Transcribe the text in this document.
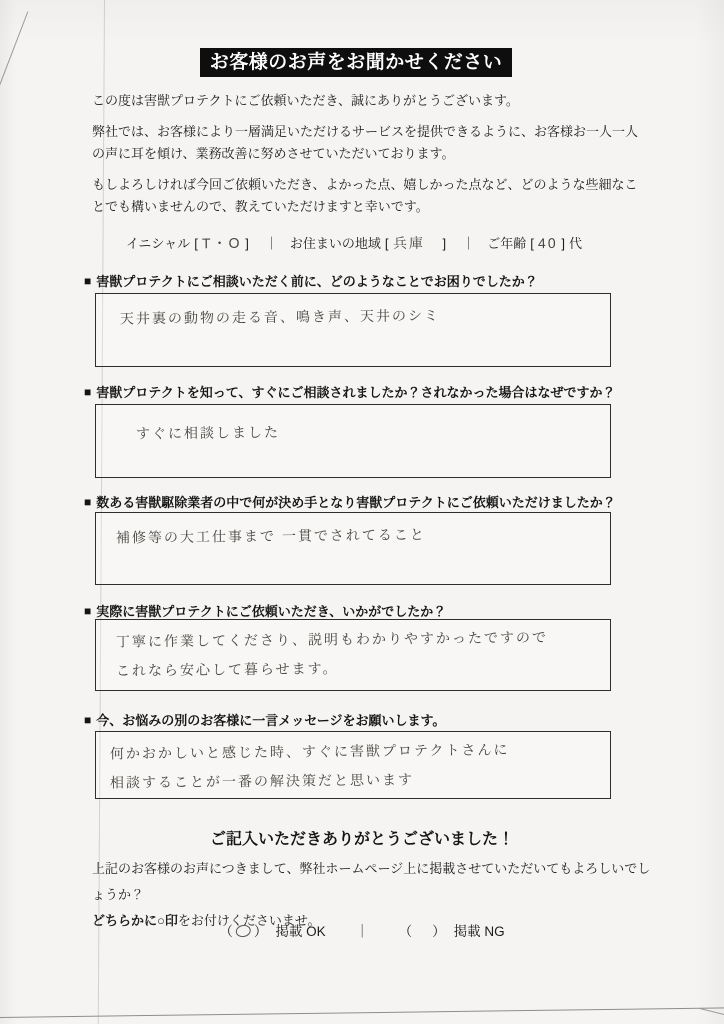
お客様のお声をお聞かせください

この度は害獣プロテクトにご依頼いただき、誠にありがとうございます。

弊社では、お客様により一層満足いただけるサービスを提供できるように、お客様お一人一人の声に耳を傾け、業務改善に努めさせていただいております。

もしよろしければ今回ご依頼いただき、よかった点、嬉しかった点など、どのような些細なことでも構いませんので、教えていただけますと幸いです。

イニシャル [ T・O ] ｜ お住まいの地域 [ 兵庫 ] ｜ ご年齢 [ 40 ] 代
■ 害獣プロテクトにご相談いただく前に、どのようなことでお困りでしたか？
天井裏の動物の走る音、鳴き声、天井のシミ
■ 害獣プロテクトを知って、すぐにご相談されましたか？されなかった場合はなぜですか？
すぐに相談しました
■ 数ある害獣駆除業者の中で何が決め手となり害獣プロテクトにご依頼いただけましたか？
補修等の大工仕事まで 一貫でされてること
■ 実際に害獣プロテクトにご依頼いただき、いかがでしたか？
丁寧に作業してくださり、説明もわかりやすかったですので
これなら安心して暮らせます。
■ 今、お悩みの別のお客様に一言メッセージをお願いします。
何かおかしいと感じた時、すぐに害獣プロテクトさんに
相談することが一番の解決策だと思います
ご記入いただきありがとうございました！
上記のお客様のお声につきまして、弊社ホームページ上に掲載させていただいてもよろしいでしょうか？
どちらかに○印をお付けくださいませ。
（ ） 掲載 OK ｜ （ ） 掲載 NG
